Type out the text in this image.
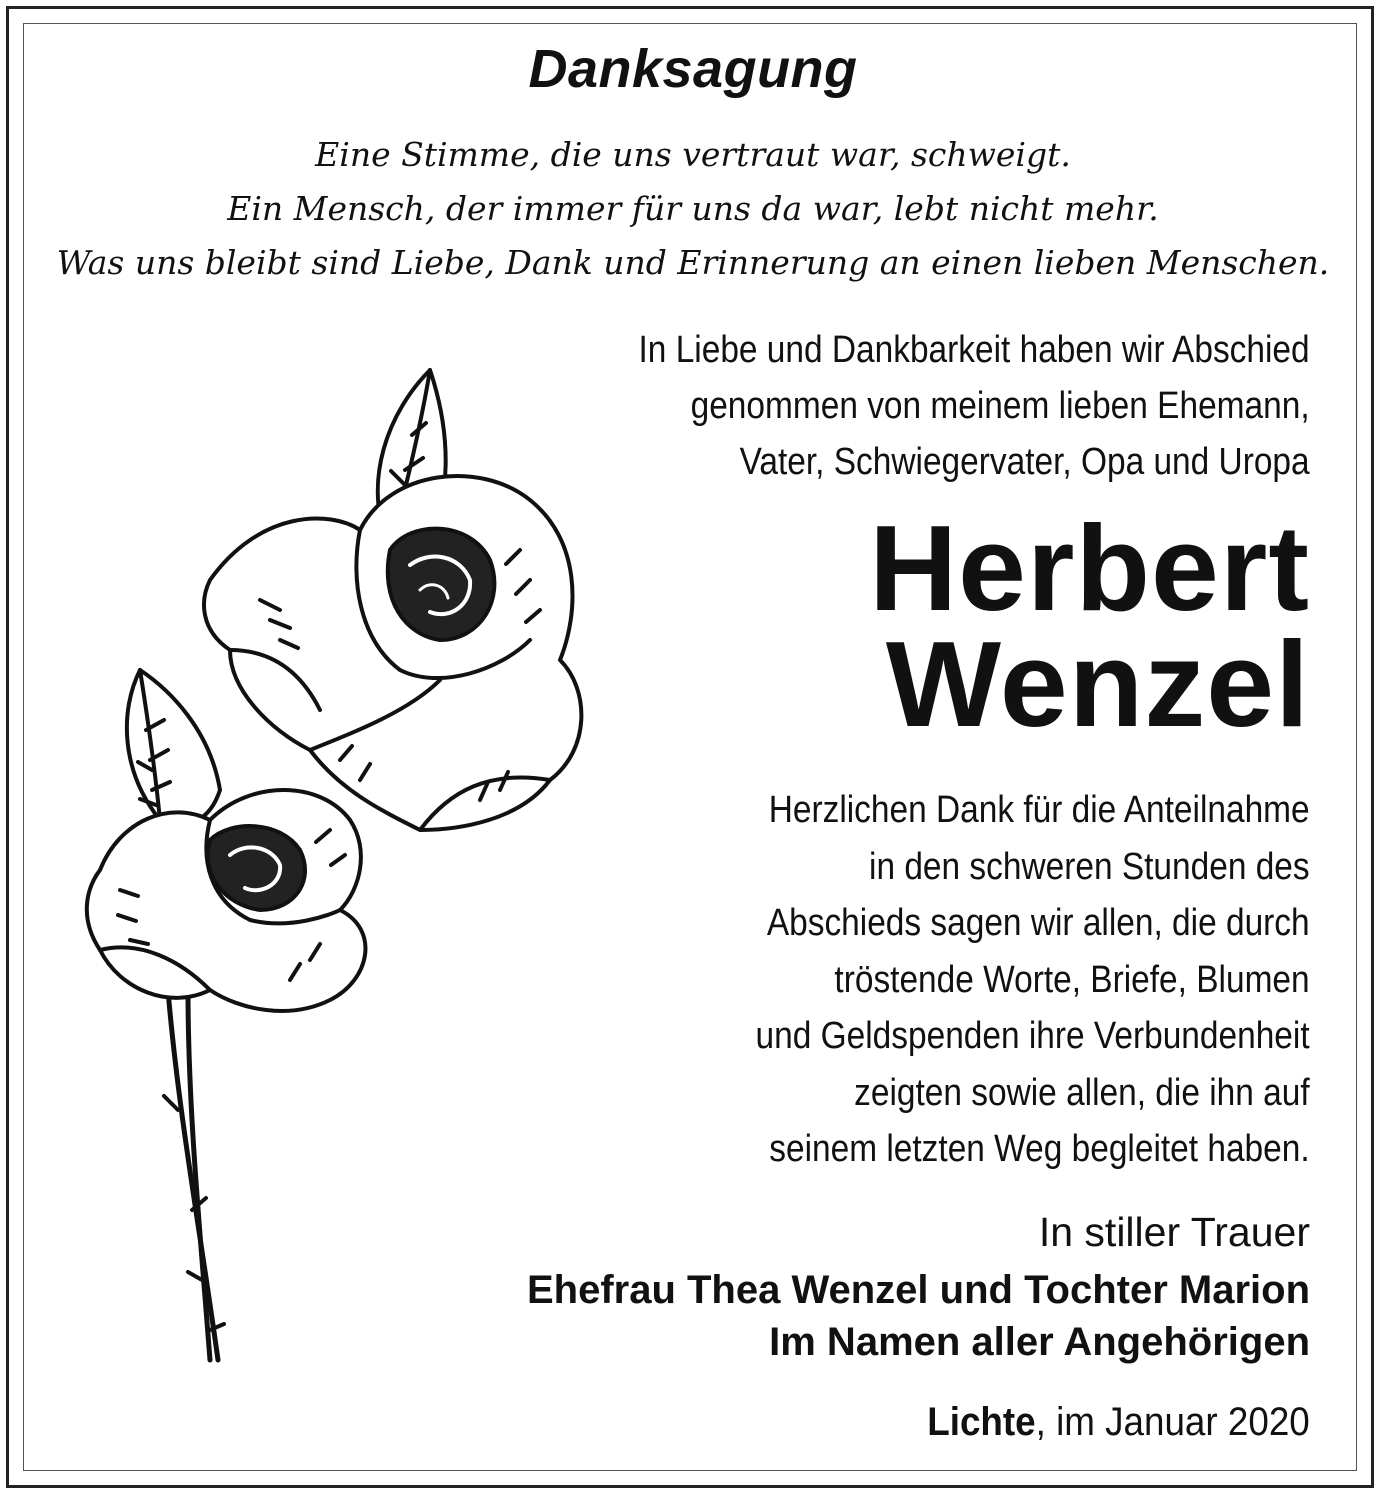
Danksagung
Eine Stimme, die uns vertraut war, schweigt.
Ein Mensch, der immer für uns da war, lebt nicht mehr.
Was uns bleibt sind Liebe, Dank und Erinnerung an einen lieben Menschen.
In Liebe und Dankbarkeit haben wir Abschied
genommen von meinem lieben Ehemann,
Vater, Schwiegervater, Opa und Uropa
Herbert
Wenzel
Herzlichen Dank für die Anteilnahme
in den schweren Stunden des
Abschieds sagen wir allen, die durch
tröstende Worte, Briefe, Blumen
und Geldspenden ihre Verbundenheit
zeigten sowie allen, die ihn auf
seinem letzten Weg begleitet haben.
In stiller Trauer
Ehefrau Thea Wenzel und Tochter Marion
Im Namen aller Angehörigen
Lichte, im Januar 2020
